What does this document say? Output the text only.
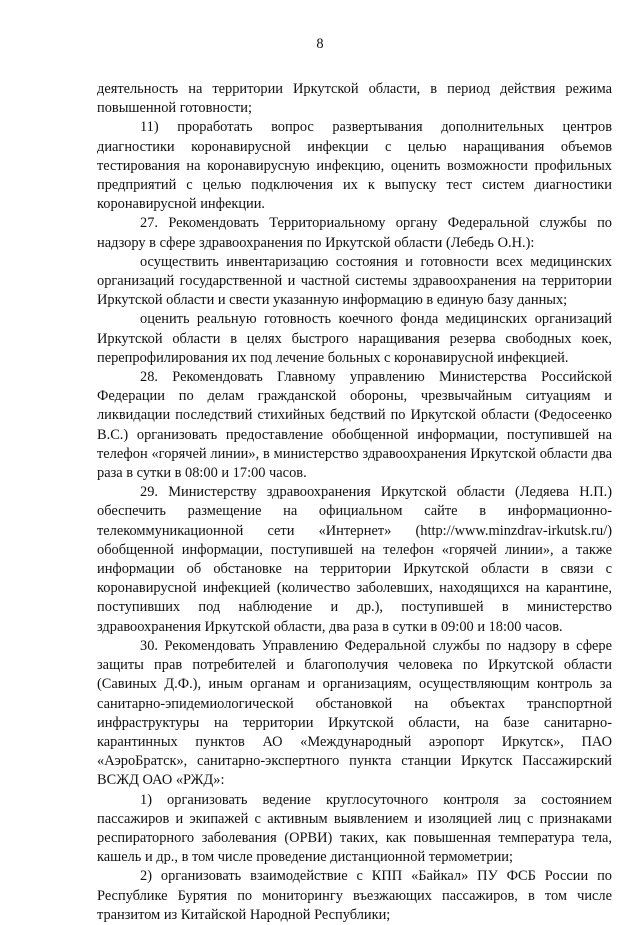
8

деятельность на территории Иркутской области, в период действия режима повышенной готовности;

11) проработать вопрос развертывания дополнительных центров диагностики коронавирусной инфекции с целью наращивания объемов тестирования на коронавирусную инфекцию, оценить возможности профильных предприятий с целью подключения их к выпуску тест систем диагностики коронавирусной инфекции.

27. Рекомендовать Территориальному органу Федеральной службы по надзору в сфере здравоохранения по Иркутской области (Лебедь О.Н.):

осуществить инвентаризацию состояния и готовности всех медицинских организаций государственной и частной системы здравоохранения на территории Иркутской области и свести указанную информацию в единую базу данных;

оценить реальную готовность коечного фонда медицинских организаций Иркутской области в целях быстрого наращивания резерва свободных коек, перепрофилирования их под лечение больных с коронавирусной инфекцией.

28. Рекомендовать Главному управлению Министерства Российской Федерации по делам гражданской обороны, чрезвычайным ситуациям и ликвидации последствий стихийных бедствий по Иркутской области (Федосеенко В.С.) организовать предоставление обобщенной информации, поступившей на телефон «горячей линии», в министерство здравоохранения Иркутской области два раза в сутки в 08:00 и 17:00 часов.

29. Министерству здравоохранения Иркутской области (Ледяева Н.П.) обеспечить размещение на официальном сайте в информационно-телекоммуникационной сети «Интернет» (http://www.minzdrav-irkutsk.ru/) обобщенной информации, поступившей на телефон «горячей линии», а также информации об обстановке на территории Иркутской области в связи с коронавирусной инфекцией (количество заболевших, находящихся на карантине, поступивших под наблюдение и др.), поступившей в министерство здравоохранения Иркутской области, два раза в сутки в 09:00 и 18:00 часов.

30. Рекомендовать Управлению Федеральной службы по надзору в сфере защиты прав потребителей и благополучия человека по Иркутской области (Савиных Д.Ф.), иным органам и организациям, осуществляющим контроль за санитарно-эпидемиологической обстановкой на объектах транспортной инфраструктуры на территории Иркутской области, на базе санитарно-карантинных пунктов АО «Международный аэропорт Иркутск», ПАО «АэроБратск», санитарно-экспертного пункта станции Иркутск Пассажирский ВСЖД ОАО «РЖД»:

1) организовать ведение круглосуточного контроля за состоянием пассажиров и экипажей с активным выявлением и изоляцией лиц с признаками респираторного заболевания (ОРВИ) таких, как повышенная температура тела, кашель и др., в том числе проведение дистанционной термометрии;

2) организовать взаимодействие с КПП «Байкал» ПУ ФСБ России по Республике Бурятия по мониторингу въезжающих пассажиров, в том числе транзитом из Китайской Народной Республики;
